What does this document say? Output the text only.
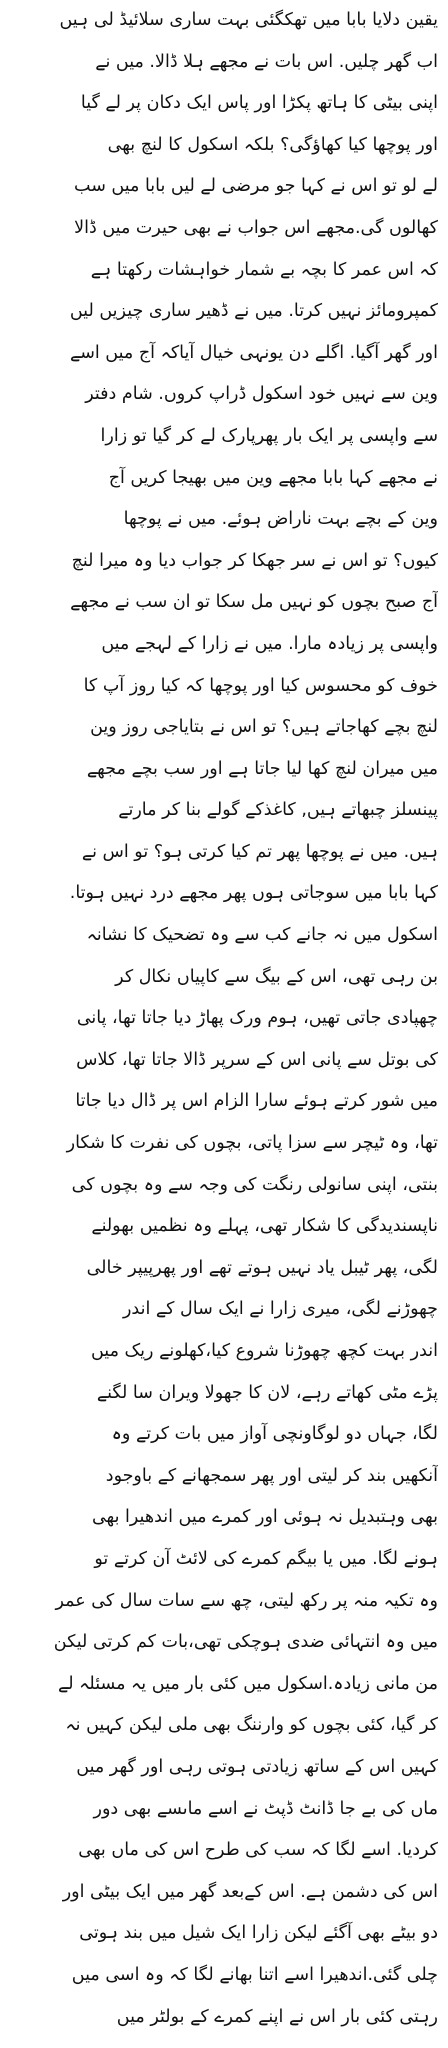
یقین دلایا بابا میں تھکگئی بہت ساری سلائیڈ لی ہیں
اب گھر چلیں. اس بات نے مجھے ہلا ڈالا. میں نے
اپنی بیٹی کا ہاتھ پکڑا اور پاس ایک دکان پر لے گیا
اور پوچھا کیا کھاؤگی؟ بلکہ اسکول کا لنچ بھی
لے لو تو اس نے کہا جو مرضی لے لیں بابا میں سب
کھالوں گی.مجھے اس جواب نے بھی حیرت میں ڈالا
کہ اس عمر کا بچہ بے شمار خواہشات رکھتا ہے
کمپرومائز نہیں کرتا. میں نے ڈھیر ساری چیزیں لیں
اور گھر آگیا. اگلے دن یونہی خیال آیاکہ آج میں اسے
وین سے نہیں خود اسکول ڈراپ کروں. شام دفتر
سے واپسی پر ایک بار پھرپارک لے کر گیا تو زارا
نے مجھے کہا بابا مجھے وین میں بھیجا کریں آج
وین کے بچے بہت ناراض ہوئے. میں نے پوچھا
کیوں؟ تو اس نے سر جھکا کر جواب دیا وہ میرا لنچ
آج صبح بچوں کو نہیں مل سکا تو ان سب نے مجھے
واپسی پر زیادہ مارا. میں نے زارا کے لہجے میں
خوف کو محسوس کیا اور پوچھا کہ کیا روز آپ کا
لنچ بچے کھاجاتے ہیں؟ تو اس نے بتایاجی روز وین
میں میران لنچ کھا لیا جاتا ہے اور سب بچے مجھے
پینسلز چبھاتے ہیں, کاغذکے گولے بنا کر مارتے
ہیں. میں نے پوچھا پھر تم کیا کرتی ہو؟ تو اس نے
کہا بابا میں سوجاتی ہوں پھر مجھے درد نہیں ہوتا.
اسکول میں نہ جانے کب سے وہ تضحیک کا نشانہ
بن رہی تھی، اس کے بیگ سے کاپیاں نکال کر
چھپادی جاتی تھیں، ہوم ورک پھاڑ دیا جاتا تھا، پانی
کی بوتل سے پانی اس کے سرپر ڈالا جاتا تھا، کلاس
میں شور کرتے ہوئے سارا الزام اس پر ڈال دیا جاتا
تھا، وہ ٹیچر سے سزا پاتی، بچوں کی نفرت کا شکار
بنتی، اپنی سانولی رنگت کی وجہ سے وہ بچوں کی
ناپسندیدگی کا شکار تھی، پہلے وہ نظمیں بھولنے
لگی، پھر ٹیبل یاد نہیں ہوتے تھے اور پھرپیپر خالی
چھوڑنے لگی، میری زارا نے ایک سال کے اندر
اندر بہت کچھ چھوڑنا شروع کیا،کھلونے ریک میں
پڑے مٹی کھاتے رہے، لان کا جھولا ویران سا لگنے
لگا، جہاں دو لوگاونچی آواز میں بات کرتے وہ
آنکھیں بند کر لیتی اور پھر سمجھانے کے باوجود
بھی وہتبدیل نہ ہوئی اور کمرے میں اندھیرا بھی
ہونے لگا. میں یا بیگم کمرے کی لائٹ آن کرتے تو
وہ تکیہ منہ پر رکھ لیتی، چھ سے سات سال کی عمر
میں وہ انتہائی ضدی ہوچکی تھی،بات کم کرتی لیکن
من مانی زیادہ.اسکول میں کئی بار میں یہ مسئلہ لے
کر گیا، کئی بچوں کو وارننگ بھی ملی لیکن کہیں نہ
کہیں اس کے ساتھ زیادتی ہوتی رہی اور گھر میں
ماں کی بے جا ڈانٹ ڈپٹ نے اسے ماںسے بھی دور
کردیا. اسے لگا کہ سب کی طرح اس کی ماں بھی
اس کی دشمن ہے. اس کےبعد گھر میں ایک بیٹی اور
دو بیٹے بھی آگئے لیکن زارا ایک شیل میں بند ہوتی
چلی گئی.اندھیرا اسے اتنا بھانے لگا کہ وہ اسی میں
رہتی کئی بار اس نے اپنے کمرے کے بولٹر میں
